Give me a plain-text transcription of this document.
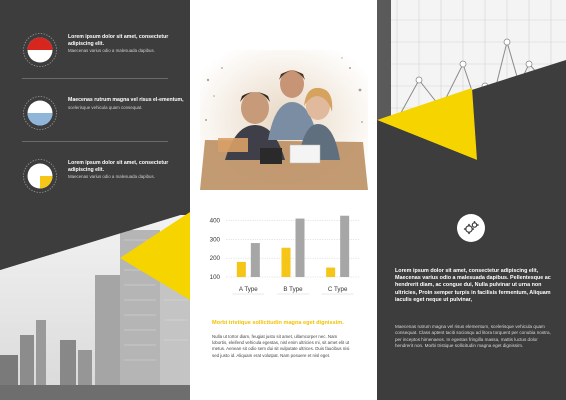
Lorem ipsum dolor sit amet, consectetur adipiscing elit.
Maecenas varius odio a malesuada dapibus.
Maecenas rutrum magna vel risus el-ementum,
scelerisque vehicula quam consequat.
Lorem ipsum dolor sit amet, consectetur adipiscing elit.
Maecenas varius odio a malesuada dapibus.
100
200
300
400
A Type	B Type	C Type
Morbi tristique sollicitudin magna eget dignissim.
Nulla ut tortor diam, feugiat justo sit amet, ullamcorper nec. Nam lobortis, eleifend vehicula egestas, nisl enim ultricies mi, sit amet elit ut metus. Aenean sit odio sem dui sit vulputate ultrices. Duis faucibus nisi sed justo id. Aliquam erat volutpat. Nam posuere et nisl eget.
Lorem ipsum dolor sit amet, consectetur adipiscing elit, Maecenas varius odio a malesuada dapibus. Pellentesque ac hendrerit diam, ac congue dui, Nulla pulvinar ut urna non ultricies, Proin semper turpis in facilisis fermentum, Aliquam iaculis eget neque ut pulvinar,
Maecenas rutrum magna vel risus elementum, scelerisque vehicula quam consequat. Class aptent taciti sociosqu ad litora torquent per conubia nostra, per inceptos himenaeos. In egestas fringilla massa, mattis luctus dolor hendrerit non. Morbi tristique sollicitudin magna eget dignissim.
